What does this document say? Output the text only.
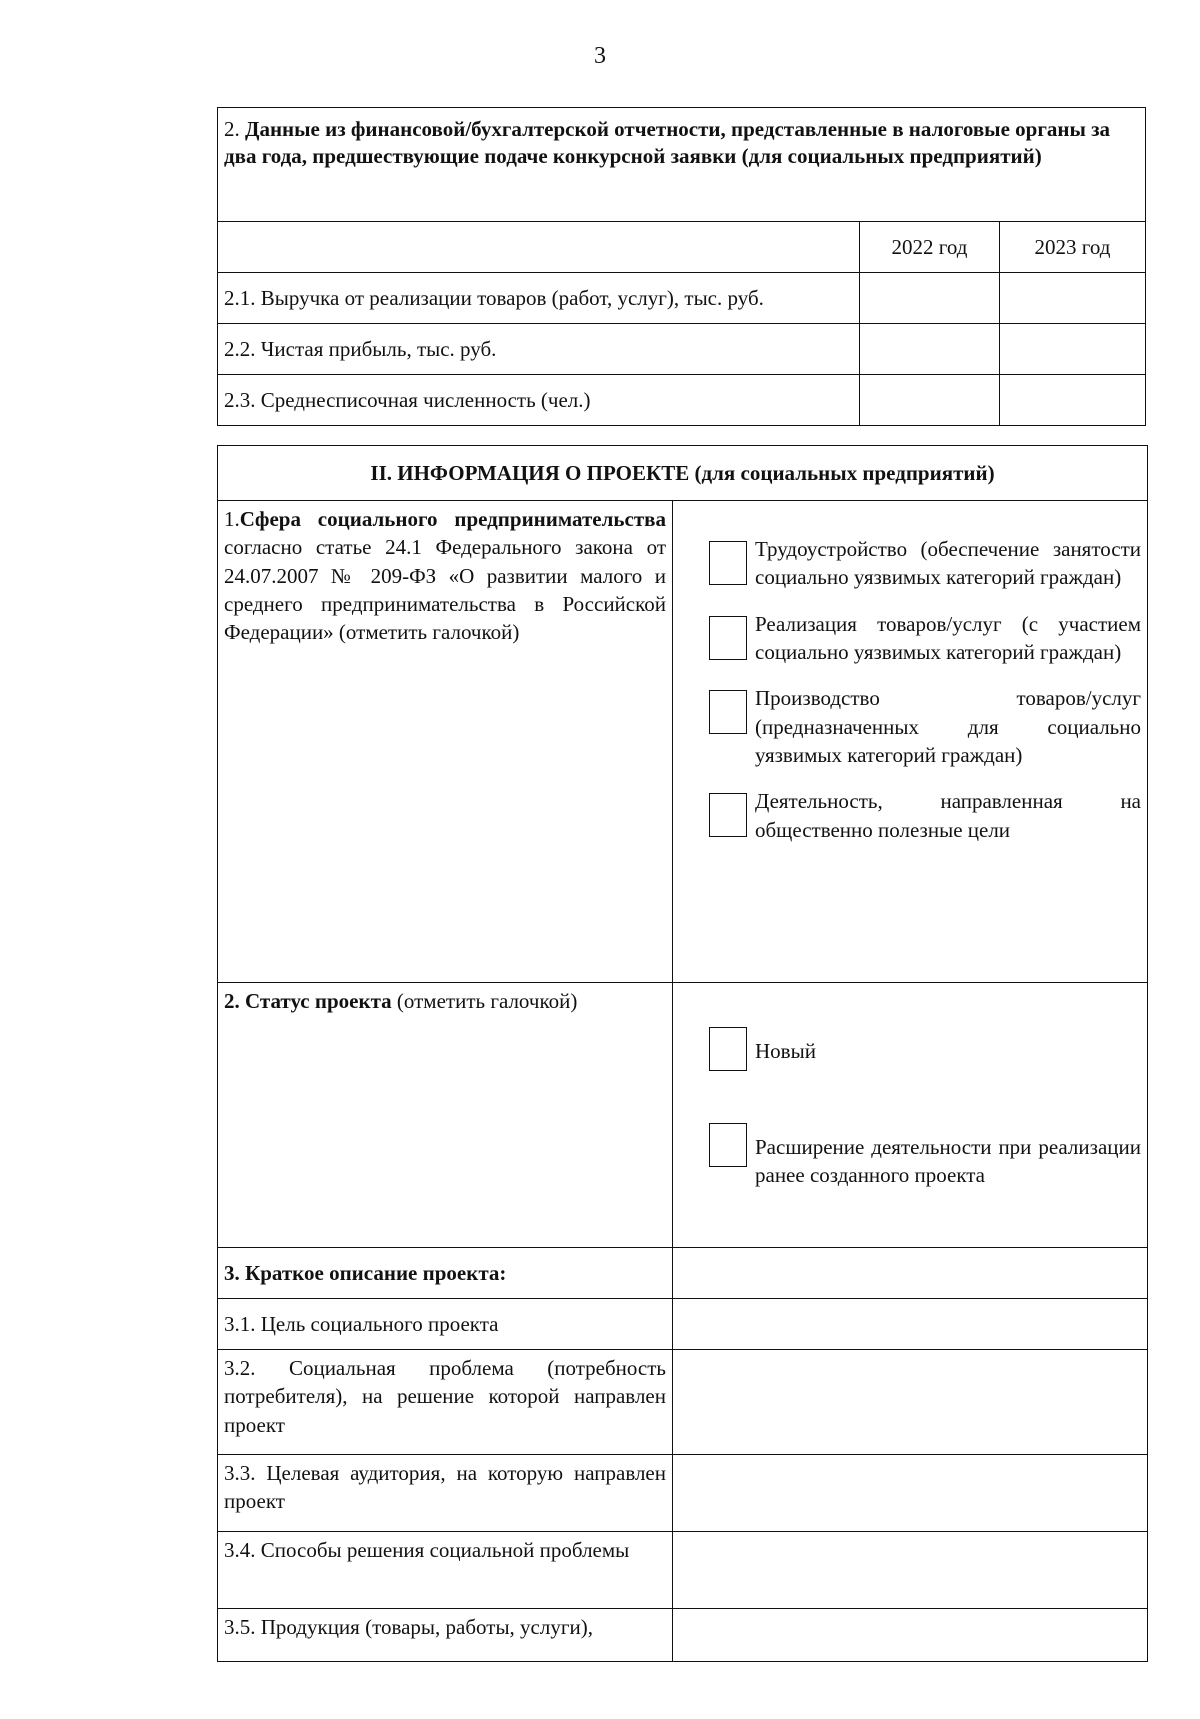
3
2. Данные из финансовой/бухгалтерской отчетности, представленные в налоговые органы за два года, предшествующие подаче конкурсной заявки (для социальных предприятий)		
	2022 год	2023 год
2.1. Выручка от реализации товаров (работ, услуг), тыс. руб.		
2.2. Чистая прибыль, тыс. руб.		
2.3. Среднесписочная численность (чел.)		
II. ИНФОРМАЦИЯ О ПРОЕКТЕ (для социальных предприятий)	
1.Сфера социального предпринимательства согласно статье 24.1 Федерального закона от 24.07.2007 № 209-ФЗ «О развитии малого и среднего предпринимательства в Российской Федерации» (отметить галочкой)	Трудоустройство (обеспечение занятости социально уязвимых категорий граждан)
Реализация товаров/услуг (с участием социально уязвимых категорий граждан)
Производство товаров/услуг (предназначенных для социально уязвимых категорий граждан)
Деятельность, направленная на общественно полезные цели

2. Статус проекта (отметить галочкой)	Новый
Расширение деятельности при реализации ранее созданного проекта

3. Краткое описание проекта:	
3.1. Цель социального проекта	
3.2. Социальная проблема (потребность потребителя), на решение которой направлен проект	
3.3. Целевая аудитория, на которую направлен проект	
3.4. Способы решения социальной проблемы	
3.5. Продукция (товары, работы, услуги),	
